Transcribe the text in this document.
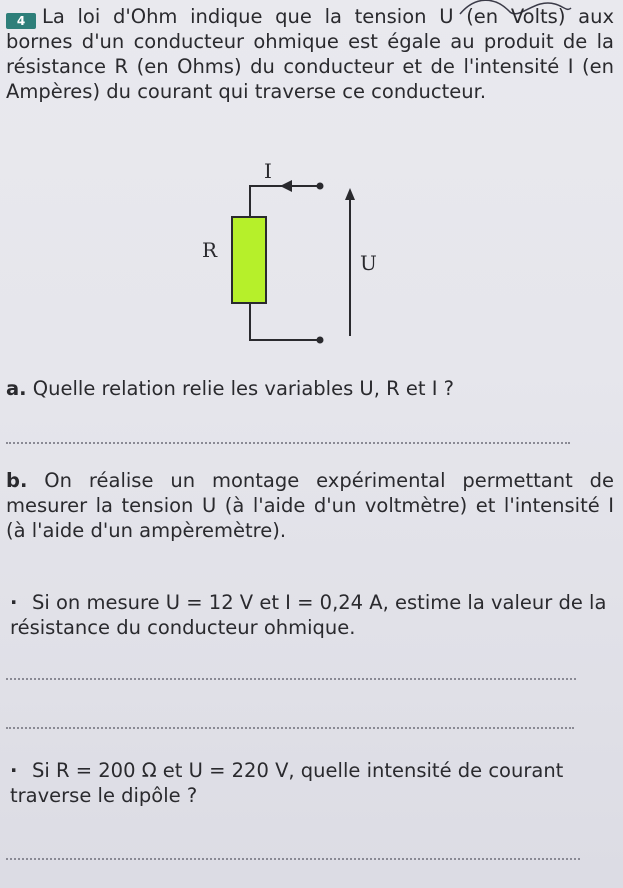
4 La loi d'Ohm indique que la tension U (en Volts) aux bornes d'un conducteur ohmique est égale au produit de la résistance R (en Ohms) du conducteur et de l'intensité I (en Ampères) du courant qui traverse ce conducteur.

I
R
U

a. Quelle relation relie les variables U, R et I ?

b. On réalise un montage expérimental permettant de mesurer la tension U (à l'aide d'un voltmètre) et l'intensité I (à l'aide d'un ampèremètre).

· Si on mesure U = 12 V et I = 0,24 A, estime la valeur de la résistance du conducteur ohmique.

· Si R = 200 Ω et U = 220 V, quelle intensité de courant traverse le dipôle ?
